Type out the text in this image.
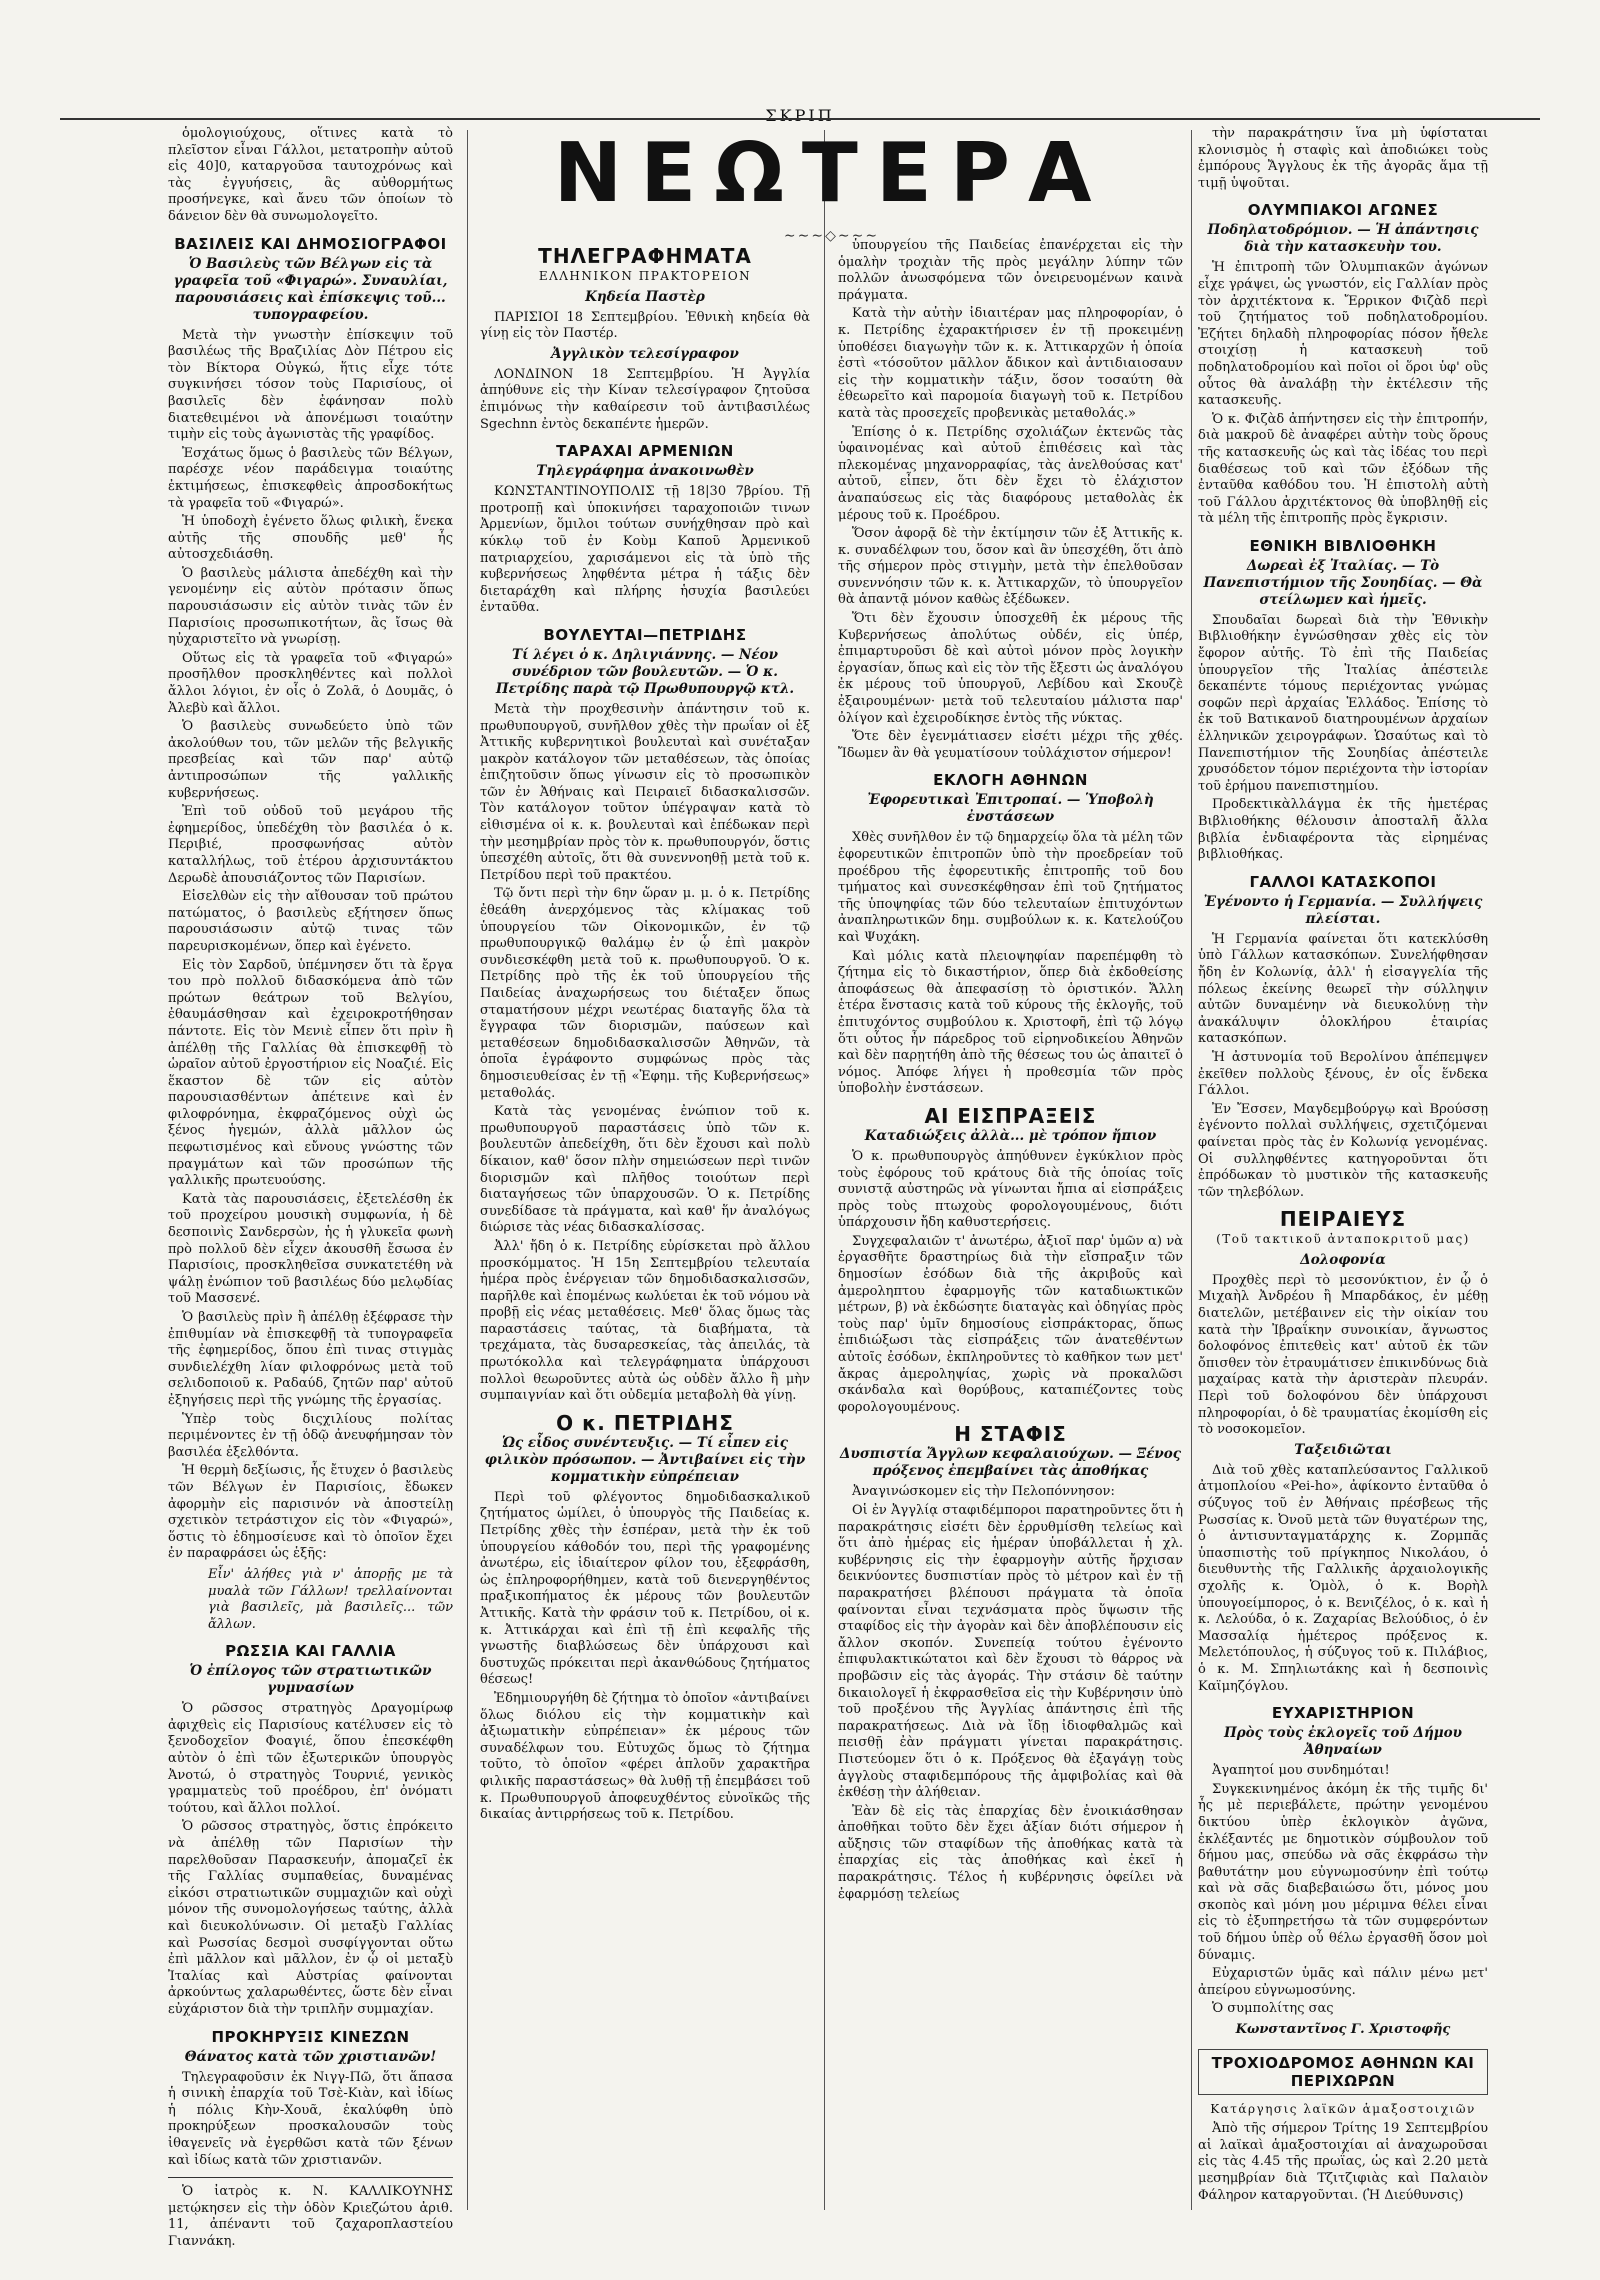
ΣΚΡΙΠ

ὁμολογιούχους, οἵτινες κατὰ τὸ πλεῖστον εἶναι Γάλλοι, μετατροπὴν αὐτοῦ εἰς 40]0, καταργοῦσα ταυτοχρόνως καὶ τὰς ἐγγυήσεις, ἃς αὐθορμήτως προσήνεγκε, καὶ ἄνευ τῶν ὁποίων τὸ δάνειον δὲν θὰ συνωμολογεῖτο.

ΒΑΣΙΛΕΙΣ ΚΑΙ ΔΗΜΟΣΙΟΓΡΑΦΟΙ
Ὁ Βασιλεὺς τῶν Βέλγων εἰς τὰ γραφεῖα τοῦ «Φιγαρώ». Συναυλίαι, παρουσιάσεις καὶ ἐπίσκεψις τοῦ... τυπογραφείου.

Μετὰ τὴν γνωστὴν ἐπίσκεψιν τοῦ βασιλέως τῆς Βραζιλίας Δὸν Πέτρου εἰς τὸν Βίκτορα Οὐγκώ, ἥτις εἶχε τότε συγκινήσει τόσον τοὺς Παρισίους, οἱ βασιλεῖς δὲν ἐφάνησαν πολὺ διατεθειμένοι νὰ ἀπονέμωσι τοιαύτην τιμὴν εἰς τοὺς ἀγωνιστὰς τῆς γραφίδος.

Ἐσχάτως ὅμως ὁ βασιλεὺς τῶν Βέλγων, παρέσχε νέον παράδειγμα τοιαύτης ἐκτιμήσεως, ἐπισκεφθεὶς ἀπροσδοκήτως τὰ γραφεῖα τοῦ «Φιγαρώ».

Ἡ ὑποδοχὴ ἐγένετο ὅλως φιλικὴ, ἕνεκα αὐτῆς τῆς σπουδῆς μεθ' ἧς αὐτοσχεδιάσθη.

Ὁ βασιλεὺς μάλιστα ἀπεδέχθη καὶ τὴν γενομένην εἰς αὐτὸν πρότασιν ὅπως παρουσιάσωσιν εἰς αὐτὸν τινὰς τῶν ἐν Παρισίοις προσωπικοτήτων, ἃς ἴσως θὰ ηὐχαριστεῖτο νὰ γνωρίσῃ.

Οὕτως εἰς τὰ γραφεῖα τοῦ «Φιγαρώ» προσῆλθον προσκληθέντες καὶ πολλοὶ ἄλλοι λόγιοι, ἐν οἷς ὁ Ζολᾶ, ὁ Δουμᾶς, ὁ Ἀλεβὺ καὶ ἄλλοι.

Ὁ βασιλεὺς συνωδεύετο ὑπὸ τῶν ἀκολούθων του, τῶν μελῶν τῆς βελγικῆς πρεσβείας καὶ τῶν παρ' αὐτῷ ἀντιπροσώπων τῆς γαλλικῆς κυβερνήσεως.

Ἐπὶ τοῦ οὐδοῦ τοῦ μεγάρου τῆς ἐφημερίδος, ὑπεδέχθη τὸν βασιλέα ὁ κ. Περιβιέ, προσφωνήσας αὐτὸν καταλλήλως, τοῦ ἑτέρου ἀρχισυντάκτου Δερωδὲ ἀπουσιάζοντος τῶν Παρισίων.

Εἰσελθὼν εἰς τὴν αἴθουσαν τοῦ πρώτου πατώματος, ὁ βασιλεὺς εξήτησεν ὅπως παρουσιάσωσιν αὐτῷ τινας τῶν παρευρισκομένων, ὅπερ καὶ ἐγένετο.

Εἰς τὸν Σαρδοῦ, ὑπέμνησεν ὅτι τὰ ἔργα του πρὸ πολλοῦ διδασκόμενα ἀπὸ τῶν πρώτων θεάτρων τοῦ Βελγίου, ἐθαυμάσθησαν καὶ ἐχειροκροτήθησαν πάντοτε. Εἰς τὸν Μενιὲ εἶπεν ὅτι πρὶν ἢ ἀπέλθῃ τῆς Γαλλίας θὰ ἐπισκεφθῇ τὸ ὡραῖον αὐτοῦ ἐργοστήριον εἰς Νοαζιέ. Εἰς ἕκαστον δὲ τῶν εἰς αὐτὸν παρουσιασθέντων ἀπέτεινε καὶ ἐν φιλοφρόνημα, ἐκφραζόμενος οὐχὶ ὡς ξένος ἡγεμών, ἀλλὰ μᾶλλον ὡς πεφωτισμένος καὶ εὔνους γνώστης τῶν πραγμάτων καὶ τῶν προσώπων τῆς γαλλικῆς πρωτευούσης.

Κατὰ τὰς παρουσιάσεις, ἐξετελέσθη ἐκ τοῦ προχείρου μουσικὴ συμφωνία, ἡ δὲ δεσποινὶς Σανδερσὼν, ἡς ἡ γλυκεῖα φωνὴ πρὸ πολλοῦ δὲν εἶχεν ἀκουσθῆ ἔσωσα ἐν Παρισίοις, προσκληθεῖσα συνκατετέθη νὰ ψάλῃ ἐνώπιον τοῦ βασιλέως δύο μελῳδίας τοῦ Μασσενέ.

Ὁ βασιλεὺς πρὶν ἢ ἀπέλθῃ ἐξέφρασε τὴν ἐπιθυμίαν νὰ ἐπισκεφθῇ τὰ τυπογραφεῖα τῆς ἐφημερίδος, ὅπου ἐπὶ τινας στιγμὰς συνδιελέχθη λίαν φιλοφρόνως μετὰ τοῦ σελιδοποιοῦ κ. Ραδαύδ, ζητῶν παρ' αὐτοῦ ἐξηγήσεις περὶ τῆς γνώμης τῆς ἐργασίας.

Ὑπὲρ τοὺς διςχιλίους πολίτας περιμένοντες ἐν τῇ ὁδῷ ἀνευφήμησαν τὸν βασιλέα ἐξελθόντα.

Ἡ θερμὴ δεξίωσις, ἧς ἔτυχεν ὁ βασιλεὺς τῶν Βέλγων ἐν Παρισίοις, ἔδωκεν ἀφορμὴν εἰς παρισινόν νὰ ἀποστείλῃ σχετικὸν τετράστιχον εἰς τὸν «Φιγαρώ», ὅστις τὸ ἐδημοσίευσε καὶ τὸ ὁποῖον ἔχει ἐν παραφράσει ὡς ἑξῆς:

Εἶν' ἀλήθες γιὰ ν' ἀπορῇς με τὰ μυαλὰ τῶν Γάλλων! τρελλαίνονται γιὰ βασιλεῖς, μὰ βασιλεῖς... τῶν ἄλλων.

ΡΩΣΣΙΑ ΚΑΙ ΓΑΛΛΙΑ
Ὁ ἐπίλογος τῶν στρατιωτικῶν γυμνασίων

Ὁ ρῶσσος στρατηγὸς Δραγομίρωφ ἀφιχθεὶς εἰς Παρισίους κατέλυσεν εἰς τὸ ξενοδοχεῖον Φοαγιέ, ὅπου ἐπεσκέφθη αὐτὸν ὁ ἐπὶ τῶν ἐξωτερικῶν ὑπουργὸς Ἀνοτώ, ὁ στρατηγὸς Τουρνιέ, γενικὸς γραμματεὺς τοῦ προέδρου, ἐπ' ὀνόματι τούτου, καὶ ἄλλοι πολλοί.

Ὁ ρῶσσος στρατηγὸς, ὅστις ἐπρόκειτο νὰ ἀπέλθῃ τῶν Παρισίων τὴν παρελθοῦσαν Παρασκευήν, ἀπομαζεῖ ἐκ τῆς Γαλλίας συμπαθείας, δυναμένας εἰκόσι στρατιωτικῶν συμμαχιῶν καὶ οὐχὶ μόνον τῆς συνομολογήσεως ταύτης, ἀλλὰ καὶ διευκολύνωσιν. Οἱ μεταξὺ Γαλλίας καὶ Ρωσσίας δεσμοὶ συσφίγγονται οὕτω ἐπὶ μᾶλλον καὶ μᾶλλον, ἐν ᾧ οἱ μεταξὺ Ἰταλίας καὶ Αὐστρίας φαίνονται ἀρκούντως χαλαρωθέντες, ὥστε δὲν εἶναι εὐχάριστον διὰ τὴν τριπλῆν συμμαχίαν.

ΠΡΟΚΗΡΥΞΙΣ ΚΙΝΕΖΩΝ
Θάνατος κατὰ τῶν χριστιανῶν!

Τηλεγραφοῦσιν ἐκ Νιγγ-Πῶ, ὅτι ἅπασα ἡ σινικὴ ἐπαρχία τοῦ Τσὲ-Κιὰν, καὶ ἰδίως ἡ πόλις Κὴν-Χουᾶ, ἐκαλύφθη ὑπὸ προκηρύξεων προσκαλουσῶν τοὺς ἰθαγενεῖς νὰ ἐγερθῶσι κατὰ τῶν ξένων καὶ ἰδίως κατὰ τῶν χριστιανῶν.

Ὁ ἰατρὸς κ. Ν. ΚΑΛΛΙΚΟΥΝΗΣ μετῴκησεν εἰς τὴν ὁδὸν Κριεζώτου ἀριθ. 11, ἀπέναντι τοῦ ζαχαροπλαστείου Γιαννάκη.

ΝΕΩΤΕΡΑ
∼∼∼◇∼∼∼
ΤΗΛΕΓΡΑΦΗΜΑΤΑ
ΕΛΛΗΝΙΚΟΝ ΠΡΑΚΤΟΡΕΙΟΝ
Κηδεία Παστὲρ

ΠΑΡΙΣΙΟΙ 18 Σεπτεμβρίου. Ἐθνικὴ κηδεία θὰ γίνῃ εἰς τὸν Παστέρ.

Ἀγγλικὸν τελεσίγραφον

ΛΟΝΔΙΝΟΝ 18 Σεπτεμβρίου. Ἡ Ἀγγλία ἀπηύθυνε εἰς τὴν Κίναν τελεσίγραφον ζητοῦσα ἐπιμόνως τὴν καθαίρεσιν τοῦ ἀντιβασιλέως Sgechnn ἐντὸς δεκαπέντε ἡμερῶν.

ΤΑΡΑΧΑΙ ΑΡΜΕΝΙΩΝ
Τηλεγράφημα ἀνακοινωθὲν

ΚΩΝΣΤΑΝΤΙΝΟΥΠΟΛΙΣ τῇ 18|30 7βρίου. Τῇ προτροπῇ καὶ ὑποκινήσει ταραχοποιῶν τινων Ἀρμενίων, ὅμιλοι τούτων συνήχθησαν πρὸ καὶ κύκλῳ τοῦ ἐν Κοὺμ Καποῦ Ἀρμενικοῦ πατριαρχείου, χαρισάμενοι εἰς τὰ ὑπὸ τῆς κυβερνήσεως ληφθέντα μέτρα ἡ τάξις δὲν διεταράχθη καὶ πλήρης ἡσυχία βασιλεύει ἐνταῦθα.

ΒΟΥΛΕΥΤΑΙ—ΠΕΤΡΙΔΗΣ
Τί λέγει ὁ κ. Δηλιγιάννης. — Νέον συνέδριον τῶν βουλευτῶν. — Ὁ κ. Πετρίδης παρὰ τῷ Πρωθυπουργῷ κτλ.

Μετὰ τὴν προχθεσινὴν ἀπάντησιν τοῦ κ. πρωθυπουργοῦ, συνῆλθον χθὲς τὴν πρωΐαν οἱ ἐξ Ἀττικῆς κυβερνητικοὶ βουλευταὶ καὶ συνέταξαν μακρὸν κατάλογον τῶν μεταθέσεων, τὰς ὁποίας ἐπιζητοῦσιν ὅπως γίνωσιν εἰς τὸ προσωπικὸν τῶν ἐν Ἀθήναις καὶ Πειραιεῖ διδασκαλισσῶν. Τὸν κατάλογον τοῦτον ὑπέγραψαν κατὰ τὸ εἰθισμένα οἱ κ. κ. βουλευταὶ καὶ ἐπέδωκαν περὶ τὴν μεσημβρίαν πρὸς τὸν κ. πρωθυπουργόν, ὅστις ὑπεσχέθη αὐτοῖς, ὅτι θὰ συνεννοηθῇ μετὰ τοῦ κ. Πετρίδου περὶ τοῦ πρακτέου.

Τῷ ὄντι περὶ τὴν 6ην ὥραν μ. μ. ὁ κ. Πετρίδης ἐθεάθη ἀνερχόμενος τὰς κλίμακας τοῦ ὑπουργείου τῶν Οἰκονομικῶν, ἐν τῷ πρωθυπουργικῷ θαλάμῳ ἐν ᾧ ἐπὶ μακρὸν συνδιεσκέφθη μετὰ τοῦ κ. πρωθυπουργοῦ. Ὁ κ. Πετρίδης πρὸ τῆς ἐκ τοῦ ὑπουργείου τῆς Παιδείας ἀναχωρήσεως του διέταξεν ὅπως σταματήσουν μέχρι νεωτέρας διαταγῆς ὅλα τὰ ἔγγραφα τῶν διορισμῶν, παύσεων καὶ μεταθέσεων δημοδιδασκαλισσῶν Ἀθηνῶν, τὰ ὁποῖα ἐγράφοντο συμφώνως πρὸς τὰς δημοσιευθείσας ἐν τῇ «Ἐφημ. τῆς Κυβερνήσεως» μεταθολάς.

Κατὰ τὰς γενομένας ἐνώπιον τοῦ κ. πρωθυπουργοῦ παραστάσεις ὑπὸ τῶν κ. βουλευτῶν ἀπεδείχθη, ὅτι δὲν ἔχουσι καὶ πολὺ δίκαιον, καθ' ὅσον πλὴν σημειώσεων περὶ τινῶν διορισμῶν καὶ πλῆθος τοιούτων περὶ διαταγήσεως τῶν ὑπαρχουσῶν. Ὁ κ. Πετρίδης συνεδίδασε τὰ πράγματα, καὶ καθ' ἥν ἀναλόγως διώρισε τὰς νέας διδασκαλίσσας.

Ἀλλ' ἤδη ὁ κ. Πετρίδης εὑρίσκεται πρὸ ἄλλου προσκόμματος. Ἡ 15η Σεπτεμβρίου τελευταία ἡμέρα πρὸς ἐνέργειαν τῶν δημοδιδασκαλισσῶν, παρῆλθε καὶ ἐπομένως κωλύεται ἐκ τοῦ νόμου νὰ προβῇ εἰς νέας μεταθέσεις. Μεθ' ὅλας ὅμως τὰς παραστάσεις ταύτας, τὰ διαβήματα, τὰ τρεχάματα, τὰς δυσαρεσκείας, τὰς ἀπειλάς, τὰ πρωτόκολλα καὶ τελεγράφηματα ὑπάρχουσι πολλοὶ θεωροῦντες αὐτὰ ὡς οὐδὲν ἄλλο ἢ μὴν συμπαιγνίαν καὶ ὅτι οὐδεμία μεταβολὴ θὰ γίνῃ.

Ο κ. ΠΕΤΡΙΔΗΣ
Ὡς εἶδος συνέντευξις. — Τί εἶπεν εἰς φιλικὸν πρόσωπον. — Ἀντιβαίνει εἰς τὴν κομματικὴν εὐπρέπειαν

Περὶ τοῦ φλέγοντος δημοδιδασκαλικοῦ ζητήματος ὡμίλει, ὁ ὑπουργὸς τῆς Παιδείας κ. Πετρίδης χθὲς τὴν ἑσπέραν, μετὰ τὴν ἐκ τοῦ ὑπουργείου κάθοδόν του, περὶ τῆς γραφομένης ἀνωτέρω, εἰς ἰδιαίτερον φίλον του, ἐξεφράσθη, ὡς ἐπληροφορήθημεν, κατὰ τοῦ διενεργηθέντος πραξικοπήματος ἐκ μέρους τῶν βουλευτῶν Ἀττικῆς. Κατὰ τὴν φράσιν τοῦ κ. Πετρίδου, οἱ κ. κ. Ἀττικάρχαι καὶ ἐπὶ τῇ ἐπὶ κεφαλῆς τῆς γνωστῆς διαβλώσεως δὲν ὑπάρχουσι καὶ δυστυχῶς πρόκειται περὶ ἀκανθώδους ζητήματος θέσεως!

Ἐδημιουργήθη δὲ ζήτημα τὸ ὁποῖον «ἀντιβαίνει ὅλως διόλου εἰς τὴν κομματικὴν καὶ ἀξιωματικὴν εὐπρέπειαν» ἐκ μέρους τῶν συναδέλφων του. Εὐτυχῶς ὅμως τὸ ζήτημα τοῦτο, τὸ ὁποῖον «φέρει ἁπλοῦν χαρακτῆρα φιλικῆς παραστάσεως» θὰ λυθῇ τῇ ἐπεμβάσει τοῦ κ. Πρωθυπουργοῦ ἀποφευχθέντος εὐνοϊκῶς τῆς δικαίας ἀντιρρήσεως τοῦ κ. Πετρίδου.

ὑπουργείου τῆς Παιδείας ἐπανέρχεται εἰς τὴν ὁμαλὴν τροχιὰν τῆς πρὸς μεγάλην λύπην τῶν πολλῶν ἀνωσφόμενα τῶν ὀνειρευομένων καινὰ πράγματα.

Κατὰ τὴν αὐτὴν ἰδιαιτέραν μας πληροφορίαν, ὁ κ. Πετρίδης ἐχαρακτήρισεν ἐν τῇ προκειμένῃ ὑποθέσει διαγωγὴν τῶν κ. κ. Ἀττικαρχῶν ἡ ὁποία ἐστὶ «τόσοῦτον μᾶλλον ἄδικον καὶ ἀντιδιαιοσαυν εἰς τὴν κομματικὴν τάξιν, ὅσον τοσαύτη θὰ ἐθεωρεῖτο καὶ παρομοία διαγωγὴ τοῦ κ. Πετρίδου κατὰ τὰς προσεχεῖς προβενικὰς μεταθολάς.»

Ἐπίσης ὁ κ. Πετρίδης σχολιάζων ἐκτενῶς τὰς ὑφαινομένας καὶ αὐτοῦ ἐπιθέσεις καὶ τὰς πλεκομένας μηχανορραφίας, τὰς ἀνελθούσας κατ' αὐτοῦ, εἶπεν, ὅτι δὲν ἔχει τὸ ἐλάχιστον ἀναπαύσεως εἰς τὰς διαφόρους μεταθολὰς ἐκ μέρους τοῦ κ. Προέδρου.

Ὅσον ἀφορᾷ δὲ τὴν ἐκτίμησιν τῶν ἐξ Ἀττικῆς κ. κ. συναδέλφων του, ὅσον καὶ ἂν ὑπεσχέθη, ὅτι ἀπὸ τῆς σήμερον πρὸς στιγμὴν, μετὰ τὴν ἐπελθοῦσαν συνεννόησιν τῶν κ. κ. Ἀττικαρχῶν, τὸ ὑπουργεῖον θὰ ἀπαντᾷ μόνον καθὼς ἐξέδωκεν.

Ὅτι δὲν ἔχουσιν ὑποσχεθῆ ἐκ μέρους τῆς Κυβερνήσεως ἀπολύτως οὐδέν, εἰς ὑπέρ, ἐπιμαρτυροῦσι δὲ καὶ αὐτοὶ μόνον πρὸς λογικὴν ἐργασίαν, ὅπως καὶ εἰς τὸν τῆς ἔξεστι ὡς ἀναλόγου ἐκ μέρους τοῦ ὑπουργοῦ, Λεβίδου καὶ Σκουζὲ ἐξαιρουμένων· μετὰ τοῦ τελευταίου μάλιστα παρ' ὀλίγον καὶ ἐχειροδίκησε ἐντὸς τῆς νύκτας.

Ὅτε δὲν ἐγενμάτιασεν εἰσέτι μέχρι τῆς χθές. Ἴδωμεν ἂν θὰ γευματίσουν τοὐλάχιστον σήμερον!

ΕΚΛΟΓΗ ΑΘΗΝΩΝ
Ἐφορευτικαὶ Ἐπιτροπαί. — Ὑποβολὴ ἐνστάσεων

Χθὲς συνῆλθον ἐν τῷ δημαρχείῳ ὅλα τὰ μέλη τῶν ἐφορευτικῶν ἐπιτροπῶν ὑπὸ τὴν προεδρείαν τοῦ προέδρου τῆς ἐφορευτικῆς ἐπιτροπῆς τοῦ δου τμήματος καὶ συνεσκέφθησαν ἐπὶ τοῦ ζητήματος τῆς ὑποψηφίας τῶν δύο τελευταίων ἐπιτυχόντων ἀναπληρωτικῶν δημ. συμβούλων κ. κ. Κατελούζου καὶ Ψυχάκη.

Καὶ μόλις κατὰ πλειοψηφίαν παρεπέμφθη τὸ ζήτημα εἰς τὸ δικαστήριον, ὅπερ διὰ ἐκδοθείσης ἀποφάσεως θὰ ἀπεφασίσῃ τὸ ὁριστικόν. Ἄλλη ἑτέρα ἔνστασις κατὰ τοῦ κύρους τῆς ἐκλογῆς, τοῦ ἐπιτυχόντος συμβούλου κ. Χριστοφῆ, ἐπὶ τῷ λόγῳ ὅτι οὗτος ἦν πάρεδρος τοῦ εἰρηνοδικείου Ἀθηνῶν καὶ δὲν παρῃτήθη ἀπὸ τῆς θέσεως του ὡς ἀπαιτεῖ ὁ νόμος. Ἀπόφε λήγει ἡ προθεσμία τῶν πρὸς ὑποβολὴν ἐνστάσεων.

ΑΙ ΕΙΣΠΡΑΞΕΙΣ
Καταδιώξεις ἀλλὰ... μὲ τρόπον ἤπιον

Ὁ κ. πρωθυπουργὸς ἀπηύθυνεν ἐγκύκλιον πρὸς τοὺς ἐφόρους τοῦ κράτους διὰ τῆς ὁποίας τοῖς συνιστᾷ αὐστηρῶς νὰ γίνωνται ἤπια αἱ εἰσπράξεις πρὸς τοὺς πτωχοὺς φορολογουμένους, διότι ὑπάρχουσιν ἤδη καθυστερήσεις.

Συγχεφαλαιῶν τ' ἀνωτέρω, ἀξιοῖ παρ' ὑμῶν α) νὰ ἐργασθῆτε δραστηρίως διὰ τὴν εἴσπραξιν τῶν δημοσίων ἐσόδων διὰ τῆς ἀκριβοῦς καὶ ἀμεροληπτου ἐφαρμογῆς τῶν καταδιωκτικῶν μέτρων, β) νὰ ἐκδώσητε διαταγὰς καὶ ὁδηγίας πρὸς τοὺς παρ' ὑμῖν δημοσίους εἰσπράκτορας, ὅπως ἐπιδιώξωσι τὰς εἰσπράξεις τῶν ἀνατεθέντων αὐτοῖς ἐσόδων, ἐκπληροῦντες τὸ καθῆκον των μετ' ἄκρας ἀμεροληψίας, χωρὶς νὰ προκαλῶσι σκάνδαλα καὶ θορύβους, καταπιέζοντες τοὺς φορολογουμένους.

Η ΣΤΑΦΙΣ
Δυσπιστία Ἄγγλων κεφαλαιούχων. — Ξένος πρόξενος ἐπεμβαίνει τὰς ἀποθήκας

Ἀναγινώσκομεν εἰς τὴν Πελοπόννησον:

Οἱ ἐν Ἀγγλίᾳ σταφιδέμποροι παρατηροῦντες ὅτι ἡ παρακράτησις εἰσέτι δὲν ἐρρυθμίσθη τελείως καὶ ὅτι ἀπὸ ἡμέρας εἰς ἡμέραν ὑποβάλλεται ἡ χλ. κυβέρνησις εἰς τὴν ἐφαρμογὴν αὐτῆς ἤρχισαν δεικνύοντες δυσπιστίαν πρὸς τὸ μέτρον καὶ ἐν τῇ παρακρατήσει βλέπουσι πράγματα τὰ ὁποῖα φαίνονται εἶναι τεχνάσματα πρὸς ὕψωσιν τῆς σταφίδος εἰς τὴν ἀγορὰν καὶ δὲν ἀποβλέπουσιν εἰς ἄλλον σκοπόν. Συνεπείᾳ τούτου ἐγένοντο ἐπιφυλακτικώτατοι καὶ δὲν ἔχουσι τὸ θάρρος νὰ προβῶσιν εἰς τὰς ἀγοράς. Τὴν στάσιν δὲ ταύτην δικαιολογεῖ ἡ ἐκφρασθεῖσα εἰς τὴν Κυβέρνησιν ὑπὸ τοῦ προξένου τῆς Ἀγγλίας ἀπάντησις ἐπὶ τῆς παρακρατήσεως. Διὰ νὰ ἴδῃ ἰδιοφθαλμῶς καὶ πεισθῇ ἐὰν πράγματι γίνεται παρακράτησις. Πιστεύομεν ὅτι ὁ κ. Πρόξενος θὰ ἐξαγάγῃ τοὺς ἀγγλοὺς σταφιδεμπόρους τῆς ἀμφιβολίας καὶ θὰ ἐκθέσῃ τὴν ἀλήθειαν.

Ἐὰν δὲ εἰς τὰς ἐπαρχίας δὲν ἐνοικιάσθησαν ἀποθῆκαι τοῦτο δὲν ἔχει ἀξίαν διότι σήμερον ἡ αὔξησις τῶν σταφίδων τῆς ἀποθήκας κατὰ τὰ ἐπαρχίας εἰς τὰς ἀποθήκας καὶ ἐκεῖ ἡ παρακράτησις. Τέλος ἡ κυβέρνησις ὀφείλει νὰ ἐφαρμόσῃ τελείως

τὴν παρακράτησιν ἵνα μὴ ὑφίσταται κλονισμὸς ἡ σταφὶς καὶ ἀποδιώκει τοὺς ἐμπόρους Ἄγγλους ἐκ τῆς ἀγορᾶς ἅμα τῇ τιμῇ ὑψοῦται.

ΟΛΥΜΠΙΑΚΟΙ ΑΓΩΝΕΣ
Ποδηλατοδρόμιον. — Ἡ ἀπάντησις διὰ τὴν κατασκευὴν του.

Ἡ ἐπιτροπὴ τῶν Ὀλυμπιακῶν ἀγώνων εἶχε γράψει, ὡς γνωστόν, εἰς Γαλλίαν πρὸς τὸν ἀρχιτέκτονα κ. Ἔρρικον Φιζὰδ περὶ τοῦ ζητήματος τοῦ ποδηλατοδρομίου. Ἐζήτει δηλαδὴ πληροφορίας πόσον ἤθελε στοιχίσῃ ἡ κατασκευὴ τοῦ ποδηλατοδρομίου καὶ ποῖοι οἱ ὅροι ὑφ' οὓς οὗτος θὰ ἀναλάβῃ τὴν ἐκτέλεσιν τῆς κατασκευῆς.

Ὁ κ. Φιζὰδ ἀπήντησεν εἰς τὴν ἐπιτροπήν, διὰ μακροῦ δὲ ἀναφέρει αὐτὴν τοὺς ὅρους τῆς κατασκευῆς ὡς καὶ τὰς ἰδέας του περὶ διαθέσεως τοῦ καὶ τῶν ἐξόδων τῆς ἐνταῦθα καθόδου του. Ἡ ἐπιστολὴ αὐτὴ τοῦ Γάλλου ἀρχιτέκτονος θὰ ὑποβληθῇ εἰς τὰ μέλη τῆς ἐπιτροπῆς πρὸς ἔγκρισιν.

ΕΘΝΙΚΗ ΒΙΒΛΙΟΘΗΚΗ
Δωρεαὶ ἐξ Ἰταλίας. — Τὸ Πανεπιστήμιον τῆς Σουηδίας. — Θὰ στείλωμεν καὶ ἡμεῖς.

Σπουδαῖαι δωρεαὶ διὰ τὴν Ἐθνικὴν Βιβλιοθήκην ἐγνώσθησαν χθὲς εἰς τὸν ἔφορον αὐτῆς. Τὸ ἐπὶ τῆς Παιδείας ὑπουργεῖον τῆς Ἰταλίας ἀπέστειλε δεκαπέντε τόμους περιέχοντας γνώμας σοφῶν περὶ ἀρχαίας Ἑλλάδος. Ἐπίσης τὸ ἐκ τοῦ Βατικανοῦ διατηρουμένων ἀρχαίων ἑλληνικῶν χειρογράφων. Ὡσαύτως καὶ τὸ Πανεπιστήμιον τῆς Σουηδίας ἀπέστειλε χρυσόδετον τόμον περιέχοντα τὴν ἱστορίαν τοῦ ἐρήμου πανεπιστημίου.

Προδεκτικὰλλάγμα ἐκ τῆς ἡμετέρας Βιβλιοθήκης θέλουσιν ἀποσταλῆ ἄλλα βιβλία ἐνδιαφέροντα τὰς εἰρημένας βιβλιοθήκας.

ΓΑΛΛΟΙ ΚΑΤΑΣΚΟΠΟΙ
Ἐγένοντο ἡ Γερμανία. — Συλλήψεις πλείσται.

Ἡ Γερμανία φαίνεται ὅτι κατεκλύσθη ὑπὸ Γάλλων κατασκόπων. Συνελήφθησαν ἤδη ἐν Κολωνίᾳ, ἀλλ' ἡ εἰσαγγελία τῆς πόλεως ἐκείνης θεωρεῖ τὴν σύλληψιν αὐτῶν δυναμένην νὰ διευκολύνῃ τὴν ἀνακάλυψιν ὁλοκλήρου ἑταιρίας κατασκόπων.

Ἡ ἀστυνομία τοῦ Βερολίνου ἀπέπεμψεν ἐκεῖθεν πολλοὺς ξένους, ἐν οἷς ἕνδεκα Γάλλοι.

Ἐν Ἔσσεν, Μαγδεμβούργῳ καὶ Βρούσσῃ ἐγένοντο πολλαὶ συλλήψεις, σχετιζόμεναι φαίνεται πρὸς τὰς ἐν Κολωνίᾳ γενομένας. Οἱ συλληφθέντες κατηγοροῦνται ὅτι ἐπρόδωκαν τὸ μυστικὸν τῆς κατασκευῆς τῶν τηλεβόλων.

ΠΕΙΡΑΙΕΥΣ
(Τοῦ τακτικοῦ ἀνταποκριτοῦ μας)
Δολοφονία

Προχθὲς περὶ τὸ μεσονύκτιον, ἐν ᾧ ὁ Μιχαὴλ Ἀνδρέου ἢ Μπαρδάκος, ἐν μέθῃ διατελῶν, μετέβαινεν εἰς τὴν οἰκίαν του κατὰ τὴν Ἰβραΐκην συνοικίαν, ἄγνωστος δολοφόνος ἐπιτεθεὶς κατ' αὐτοῦ ἐκ τῶν ὄπισθεν τὸν ἐτραυμάτισεν ἐπικινδύνως διὰ μαχαίρας κατὰ τὴν ἀριστερὰν πλευράν. Περὶ τοῦ δολοφόνου δὲν ὑπάρχουσι πληροφορίαι, ὁ δὲ τραυματίας ἐκομίσθη εἰς τὸ νοσοκομεῖον.

Ταξειδιῶται

Διὰ τοῦ χθὲς καταπλεύσαντος Γαλλικοῦ ἀτμοπλοίου «Pei-ho», ἀφίκοντο ἐνταῦθα ὁ σύζυγος τοῦ ἐν Ἀθήναις πρέσβεως τῆς Ρωσσίας κ. Ὀνοῦ μετὰ τῶν θυγατέρων της, ὁ ἀντισυνταγματάρχης κ. Ζορμπᾶς ὑπασπιστὴς τοῦ πρίγκηπος Νικολάου, ὁ διευθυντὴς τῆς Γαλλικῆς ἀρχαιολογικῆς σχολῆς κ. Ὁμὸλ, ὁ κ. Βορὴλ ὑπουγοείμπορος, ὁ κ. Βενιζέλος, ὁ κ. καὶ ἡ κ. Λελούδα, ὁ κ. Ζαχαρίας Βελούδιος, ὁ ἐν Μασσαλίᾳ ἡμέτερος πρόξενος κ. Μελετόπουλος, ἡ σύζυγος τοῦ κ. Πιλάβιος, ὁ κ. Μ. Σπηλιωτάκης καὶ ἡ δεσποινὶς Καϊμηζόγλου.

ΕΥΧΑΡΙΣΤΗΡΙΟΝ
Πρὸς τοὺς ἐκλογεῖς τοῦ Δήμου Ἀθηναίων

Ἀγαπητοί μου συνδημόται!

Συγκεκινημένος ἀκόμη ἐκ τῆς τιμῆς δι' ἧς μὲ περιεβάλετε, πρώτην γενομένου δικτύου ὑπὲρ ἐκλογικὸν ἀγῶνα, ἐκλέξαντές με δημοτικὸν σύμβουλον τοῦ δήμου μας, σπεύδω νὰ σᾶς ἐκφράσω τὴν βαθυτάτην μου εὐγνωμοσύνην ἐπὶ τούτῳ καὶ νὰ σᾶς διαβεβαιώσω ὅτι, μόνος μου σκοπὸς καὶ μόνη μου μέριμνα θέλει εἶναι εἰς τὸ ἐξυπηρετήσω τὰ τῶν συμφερόντων τοῦ δήμου ὑπὲρ οὗ θέλω ἐργασθῆ ὅσον μοὶ δύναμις.

Εὐχαριστῶν ὑμᾶς καὶ πάλιν μένω μετ' ἀπείρου εὐγνωμοσύνης.

Ὁ συμπολίτης σας

Κωνσταντῖνος Γ. Χριστοφῆς

ΤΡΟΧΙΟΔΡΟΜΟΣ ΑΘΗΝΩΝ ΚΑΙ ΠΕΡΙΧΩΡΩΝ
Κατάργησις λαϊκῶν ἁμαξοστοιχιῶν

Ἀπὸ τῆς σήμερον Τρίτης 19 Σεπτεμβρίου αἱ λαϊκαὶ ἁμαξοστοιχίαι αἱ ἀναχωροῦσαι εἰς τὰς 4.45 τῆς πρωΐας, ὡς καὶ 2.20 μετὰ μεσημβρίαν διὰ Τζιτζιφιὰς καὶ Παλαιὸν Φάληρον καταργοῦνται. (Ἡ Διεύθυνσις)
